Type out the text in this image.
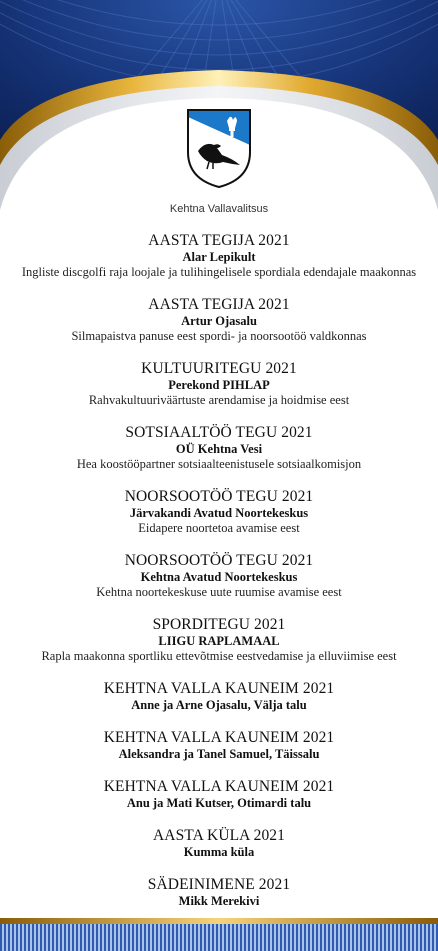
Kehtna Vallavalitsus
AASTA TEGIJA 2021
Alar Lepikult
Ingliste discgolfi raja loojale ja tulihingelisele spordiala edendajale maakonnas
AASTA TEGIJA 2021
Artur Ojasalu
Silmapaistva panuse eest spordi- ja noorsootöö valdkonnas
KULTUURITEGU 2021
Perekond PIHLAP
Rahvakultuuriväärtuste arendamise ja hoidmise eest
SOTSIAALTÖÖ TEGU 2021
OÜ Kehtna Vesi
Hea koostööpartner sotsiaalteenistusele sotsiaalkomisjon
NOORSOOTÖÖ TEGU 2021
Järvakandi Avatud Noortekeskus
Eidapere noortetoa avamise eest
NOORSOOTÖÖ TEGU 2021
Kehtna Avatud Noortekeskus
Kehtna noortekeskuse uute ruumise avamise eest
SPORDITEGU 2021
LIIGU RAPLAMAAL
Rapla maakonna sportliku ettevõtmise eestvedamise ja elluviimise eest
KEHTNA VALLA KAUNEIM 2021
Anne ja Arne Ojasalu, Välja talu
KEHTNA VALLA KAUNEIM 2021
Aleksandra ja Tanel Samuel, Täissalu
KEHTNA VALLA KAUNEIM 2021
Anu ja Mati Kutser, Otimardi talu
AASTA KÜLA 2021
Kumma küla
SÄDEINIMENE 2021
Mikk Merekivi
